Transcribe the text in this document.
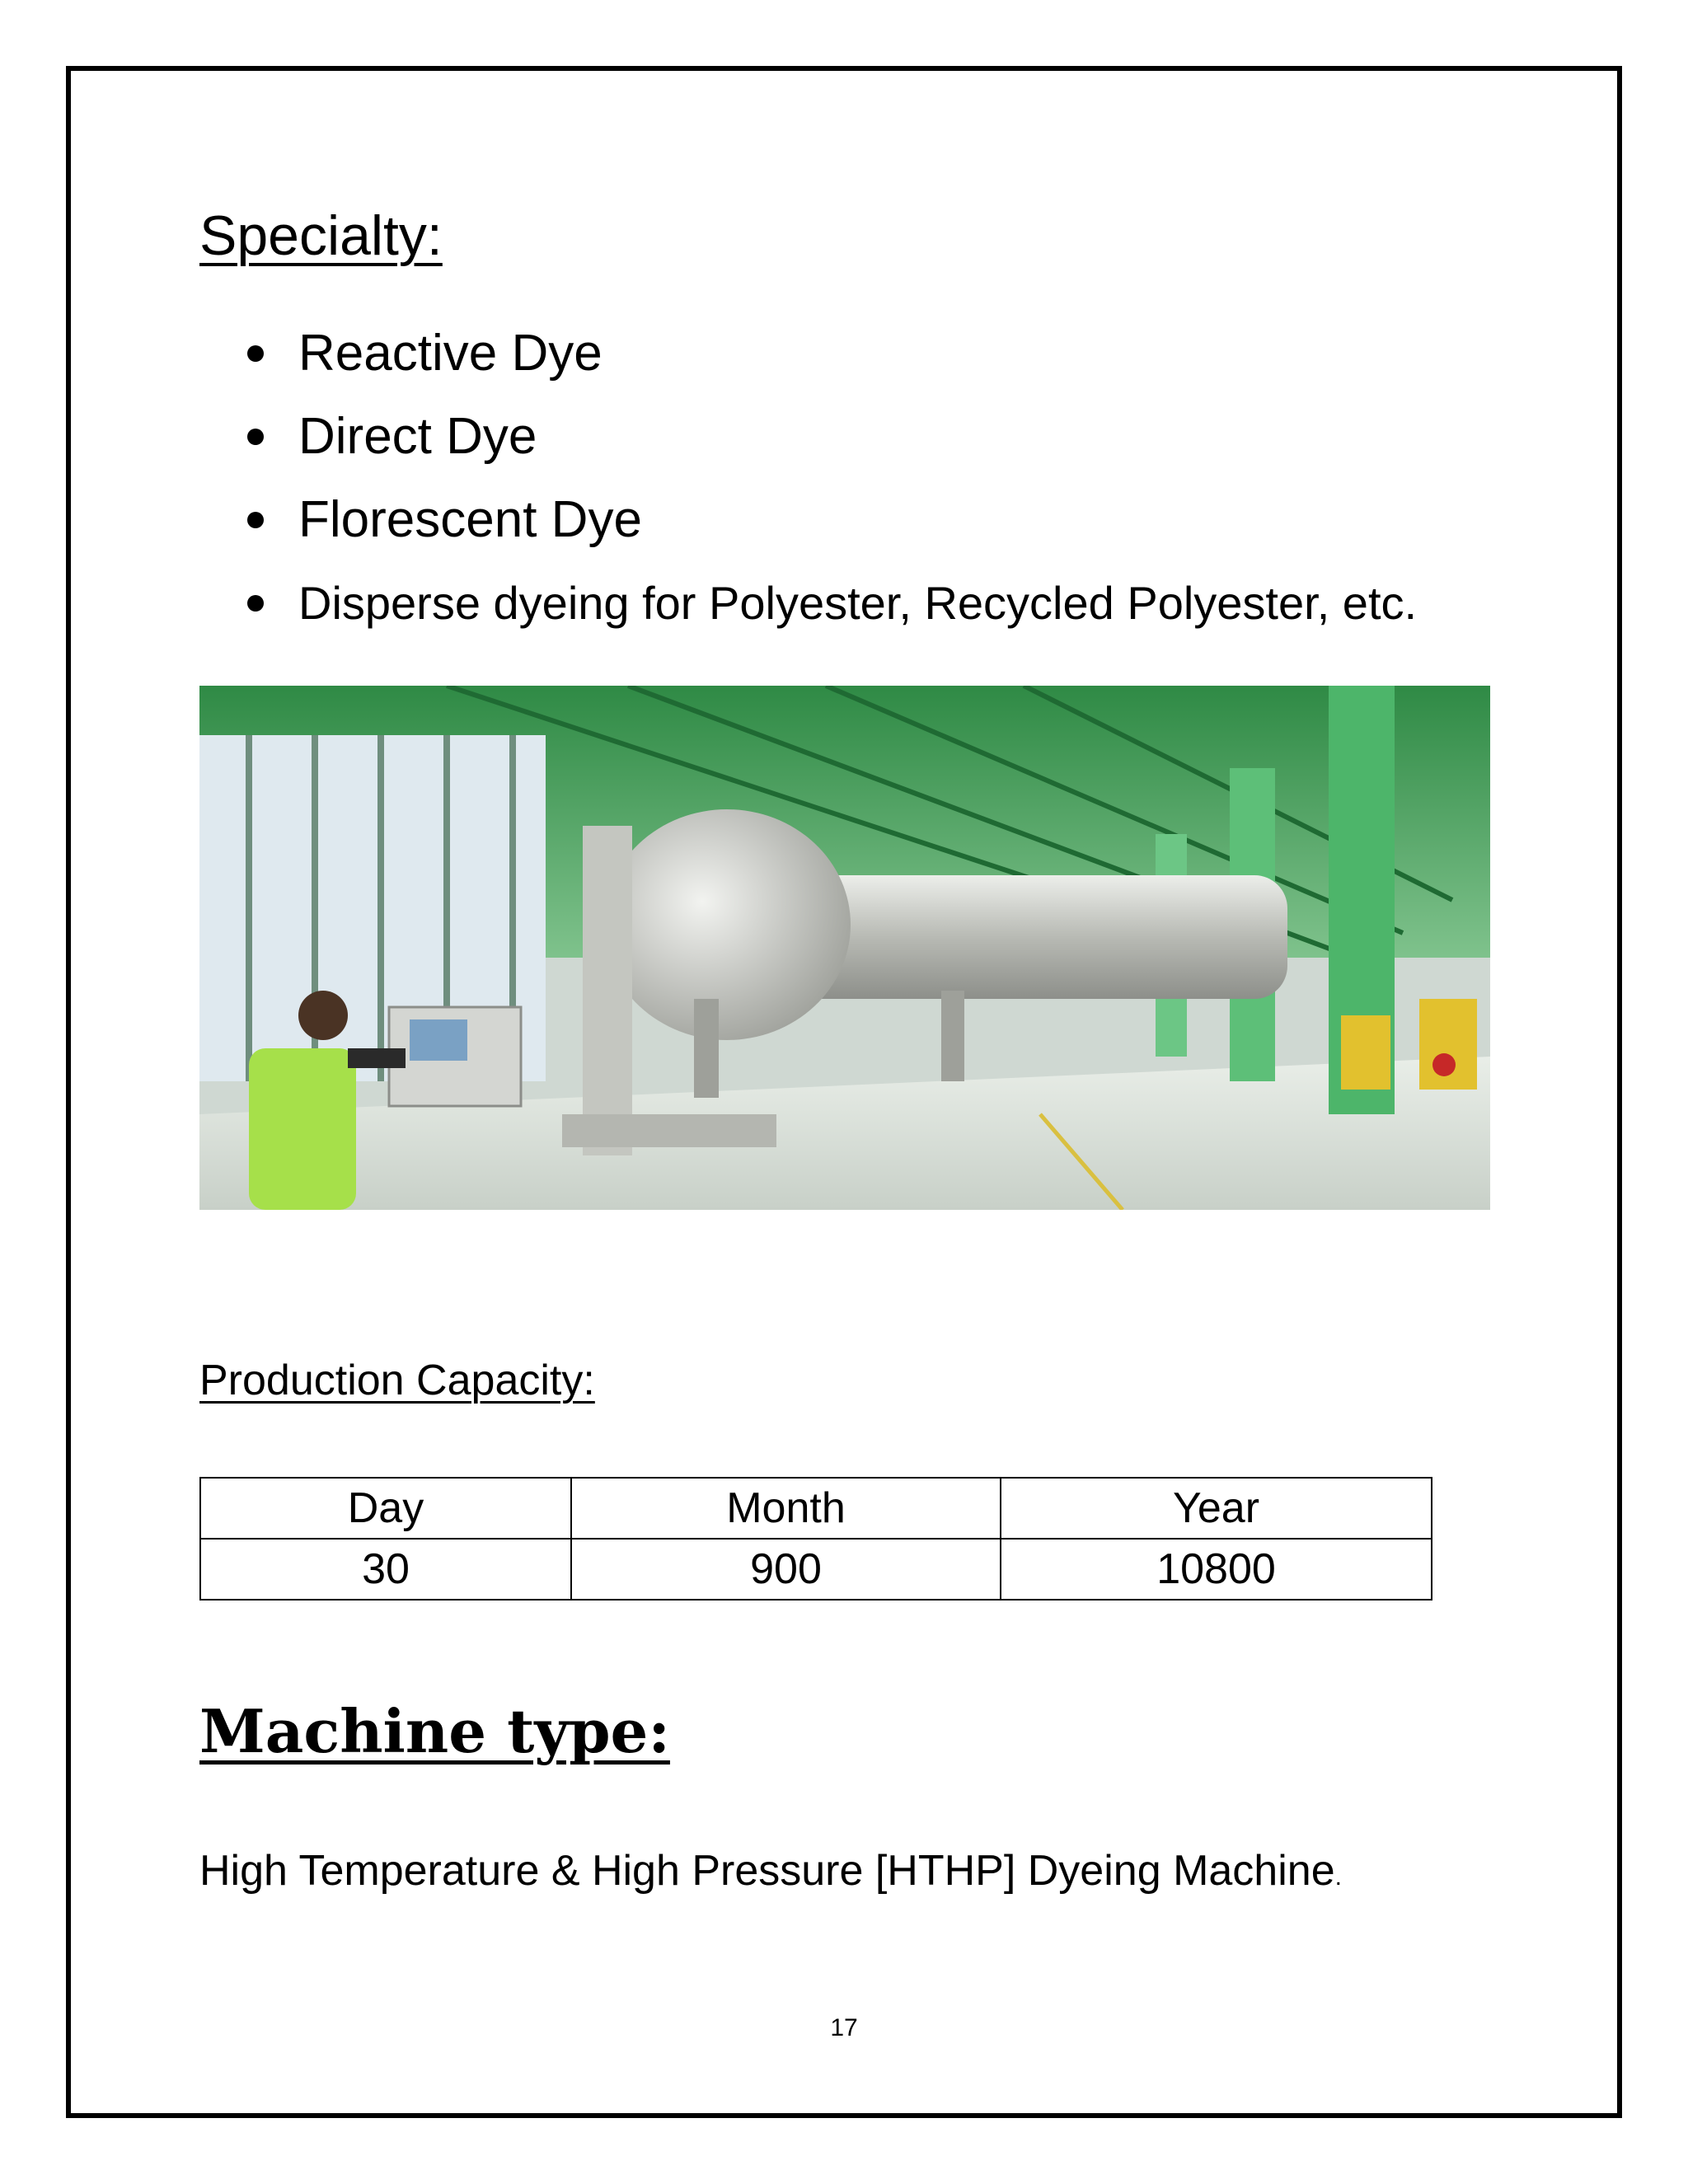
Specialty:
Reactive Dye
Direct Dye
Florescent Dye
Disperse dyeing for Polyester, Recycled Polyester, etc.
Production Capacity:
Day	Month	Year
30	900	10800
Machine type:

High Temperature & High Pressure [HTHP] Dyeing Machine.

17
